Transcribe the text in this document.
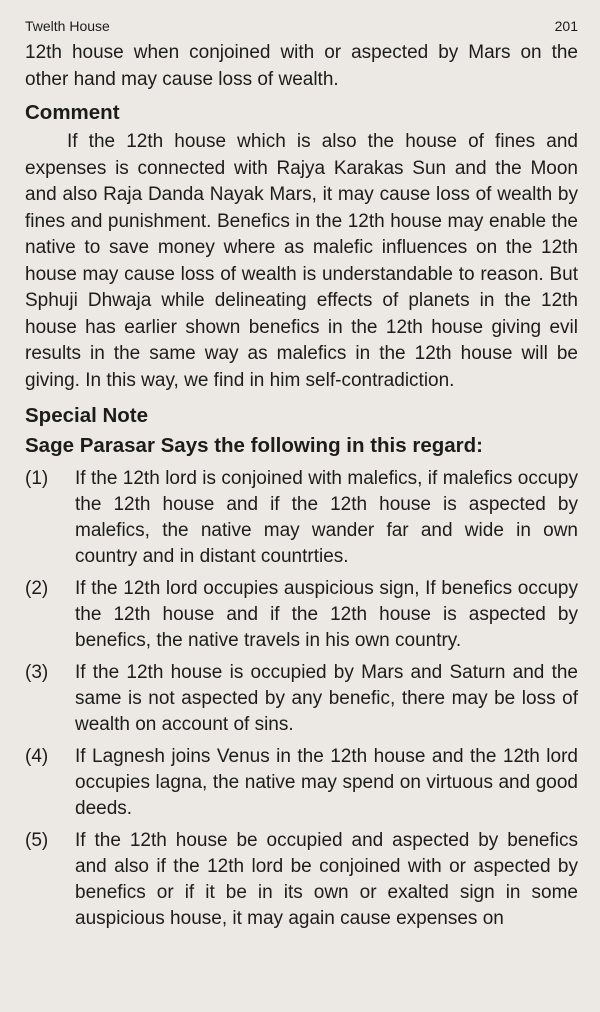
Twelth House	201

12th house when conjoined with or aspected by Mars on the other hand may cause loss of wealth.

Comment

If the 12th house which is also the house of fines and expenses is connected with Rajya Karakas Sun and the Moon and also Raja Danda Nayak Mars, it may cause loss of wealth by fines and punishment. Benefics in the 12th house may enable the native to save money where as malefic influences on the 12th house may cause loss of wealth is understandable to reason. But Sphuji Dhwaja while delineating effects of planets in the 12th house has earlier shown benefics in the 12th house giving evil results in the same way as malefics in the 12th house will be giving. In this way, we find in him self-contradiction.

Special Note
Sage Parasar Says the following in this regard:
(1)	If the 12th lord is conjoined with malefics, if malefics occupy the 12th house and if the 12th house is aspected by malefics, the native may wander far and wide in own country and in distant countrties.
(2)	If the 12th lord occupies auspicious sign, If benefics occupy the 12th house and if the 12th house is aspected by benefics, the native travels in his own country.
(3)	If the 12th house is occupied by Mars and Saturn and the same is not aspected by any benefic, there may be loss of wealth on account of sins.
(4)	If Lagnesh joins Venus in the 12th house and the 12th lord occupies lagna, the native may spend on virtuous and good deeds.
(5)	If the 12th house be occupied and aspected by benefics and also if the 12th lord be conjoined with or aspected by benefics or if it be in its own or exalted sign in some auspicious house, it may again cause expenses on
